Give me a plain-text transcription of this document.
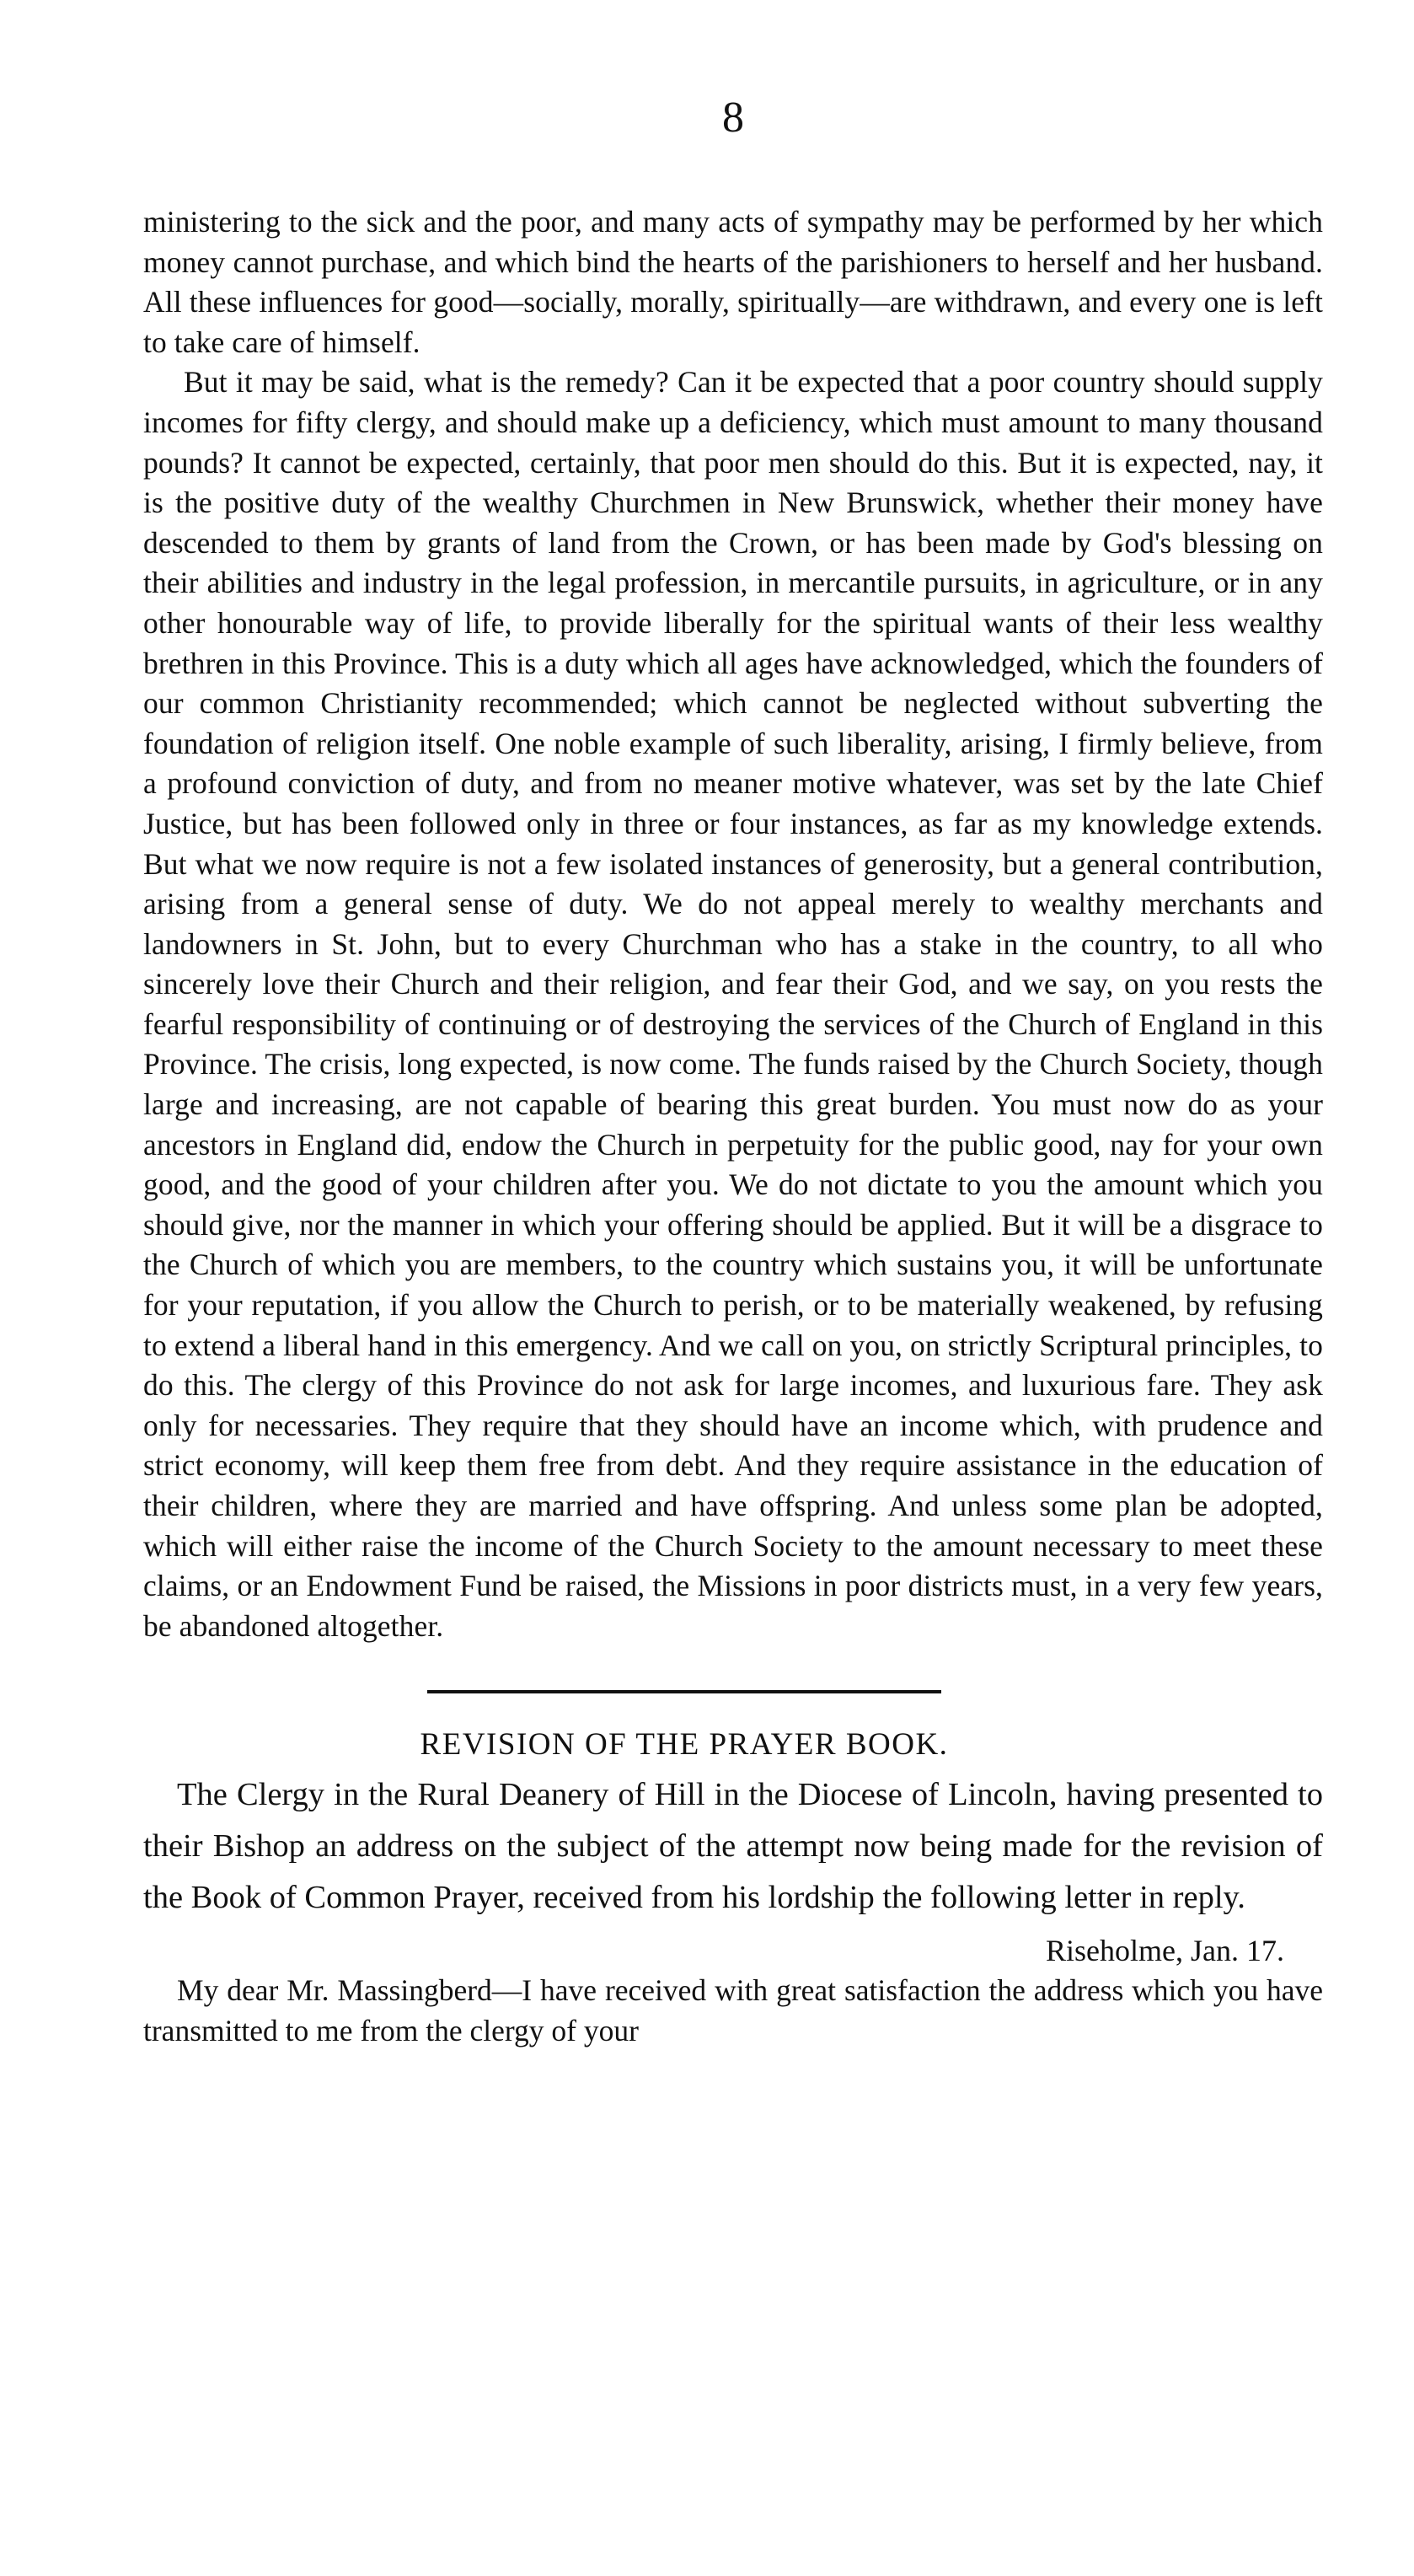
8

ministering to the sick and the poor, and many acts of sympathy may be performed by her which money cannot purchase, and which bind the hearts of the parishioners to herself and her husband. All these influences for good—socially, morally, spiritually—are withdrawn, and every one is left to take care of himself.

But it may be said, what is the remedy? Can it be expected that a poor country should supply incomes for fifty clergy, and should make up a deficiency, which must amount to many thousand pounds? It cannot be expected, certainly, that poor men should do this. But it is expected, nay, it is the positive duty of the wealthy Churchmen in New Brunswick, whether their money have descended to them by grants of land from the Crown, or has been made by God's blessing on their abilities and industry in the legal profession, in mercantile pursuits, in agriculture, or in any other honourable way of life, to provide liberally for the spiritual wants of their less wealthy brethren in this Province. This is a duty which all ages have acknowledged, which the founders of our common Christianity recommended; which cannot be neglected without subverting the foundation of religion itself. One noble example of such liberality, arising, I firmly believe, from a profound conviction of duty, and from no meaner motive whatever, was set by the late Chief Justice, but has been followed only in three or four instances, as far as my knowledge extends. But what we now require is not a few isolated instances of generosity, but a general contribution, arising from a general sense of duty. We do not appeal merely to wealthy merchants and landowners in St. John, but to every Churchman who has a stake in the country, to all who sincerely love their Church and their religion, and fear their God, and we say, on you rests the fearful responsibility of continuing or of destroying the services of the Church of England in this Province. The crisis, long expected, is now come. The funds raised by the Church Society, though large and increasing, are not capable of bearing this great burden. You must now do as your ancestors in England did, endow the Church in perpetuity for the public good, nay for your own good, and the good of your children after you. We do not dictate to you the amount which you should give, nor the manner in which your offering should be applied. But it will be a disgrace to the Church of which you are members, to the country which sustains you, it will be unfortunate for your reputation, if you allow the Church to perish, or to be materially weakened, by refusing to extend a liberal hand in this emergency. And we call on you, on strictly Scriptural principles, to do this. The clergy of this Province do not ask for large incomes, and luxurious fare. They ask only for necessaries. They require that they should have an income which, with prudence and strict economy, will keep them free from debt. And they require assistance in the education of their children, where they are married and have offspring. And unless some plan be adopted, which will either raise the income of the Church Society to the amount necessary to meet these claims, or an Endowment Fund be raised, the Missions in poor districts must, in a very few years, be abandoned altogether.

REVISION OF THE PRAYER BOOK.

The Clergy in the Rural Deanery of Hill in the Diocese of Lincoln, having presented to their Bishop an address on the subject of the attempt now being made for the revision of the Book of Common Prayer, received from his lordship the following letter in reply.

Riseholme, Jan. 17.

My dear Mr. Massingberd—I have received with great satisfaction the address which you have transmitted to me from the clergy of your
